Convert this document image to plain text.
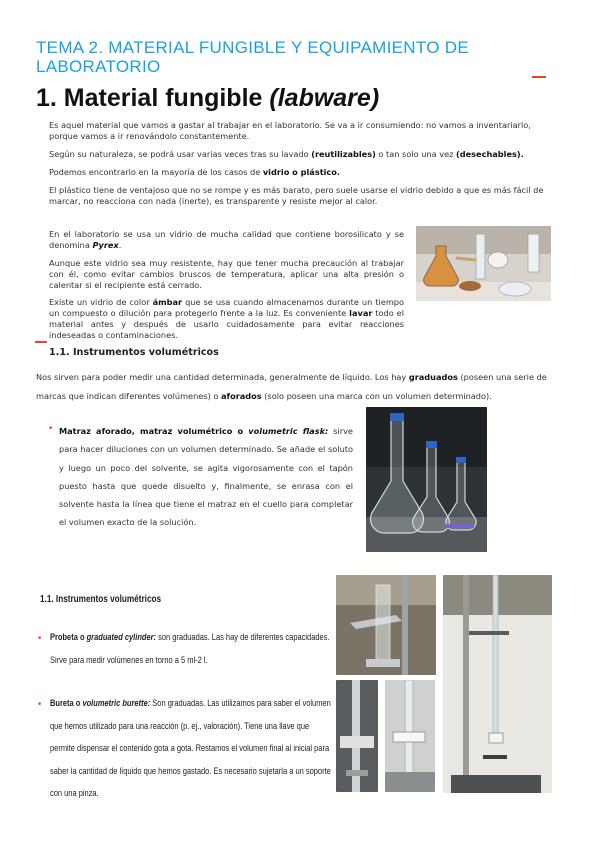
TEMA 2. MATERIAL FUNGIBLE Y EQUIPAMIENTO DE
LABORATORIO
1. Material fungible (labware)
Es aquel material que vamos a gastar al trabajar en el laboratorio. Se va a ir consumiendo: no vamos a inventariarlo, porque vamos a ir renovándolo constantemente.
Según su naturaleza, se podrá usar varias veces tras su lavado (reutilizables) o tan solo una vez (desechables).
Podemos encontrarlo en la mayoría de los casos de vidrio o plástico.
El plástico tiene de ventajoso que no se rompe y es más barato, pero suele usarse el vidrio debido a que es más fácil de marcar, no reacciona con nada (inerte), es transparente y resiste mejor al calor.
En el laboratorio se usa un vidrio de mucha calidad que contiene borosilicato y se denomina Pyrex.
Aunque este vidrio sea muy resistente, hay que tener mucha precaución al trabajar con él, como evitar cambios bruscos de temperatura, aplicar una alta presión o calentar si el recipiente está cerrado.
Existe un vidrio de color ámbar que se usa cuando almacenamos durante un tiempo un compuesto o dilución para protegerlo frente a la luz. Es conveniente lavar todo el material antes y después de usarlo cuidadosamente para evitar reacciones indeseadas o contaminaciones.
1.1. Instrumentos volumétricos
Nos sirven para poder medir una cantidad determinada, generalmente de líquido. Los hay graduados (poseen una serie de marcas que indican diferentes volúmenes) o aforados (solo poseen una marca con un volumen determinado).
• Matraz aforado, matraz volumétrico o volumetric flask: sirve para hacer diluciones con un volumen determinado. Se añade el soluto y luego un poco del solvente, se agita vigorosamente con el tapón puesto hasta que quede disuelto y, finalmente, se enrasa con el solvente hasta la línea que tiene el matraz en el cuello para completar el volumen exacto de la solución.
1.1. Instrumentos volumétricos
• Probeta o graduated cylinder: son graduadas. Las hay de diferentes capacidades. Sirve para medir volúmenes en torno a 5 ml-2 l.
• Bureta o volumetric burette: Son graduadas. Las utilizamos para saber el volumen que hemos utilizado para una reacción (p. ej., valoración). Tiene una llave que permite dispensar el contenido gota a gota. Restamos el volumen final al inicial para saber la cantidad de líquido que hemos gastado. Es necesario sujetarla a un soporte con una pinza.
